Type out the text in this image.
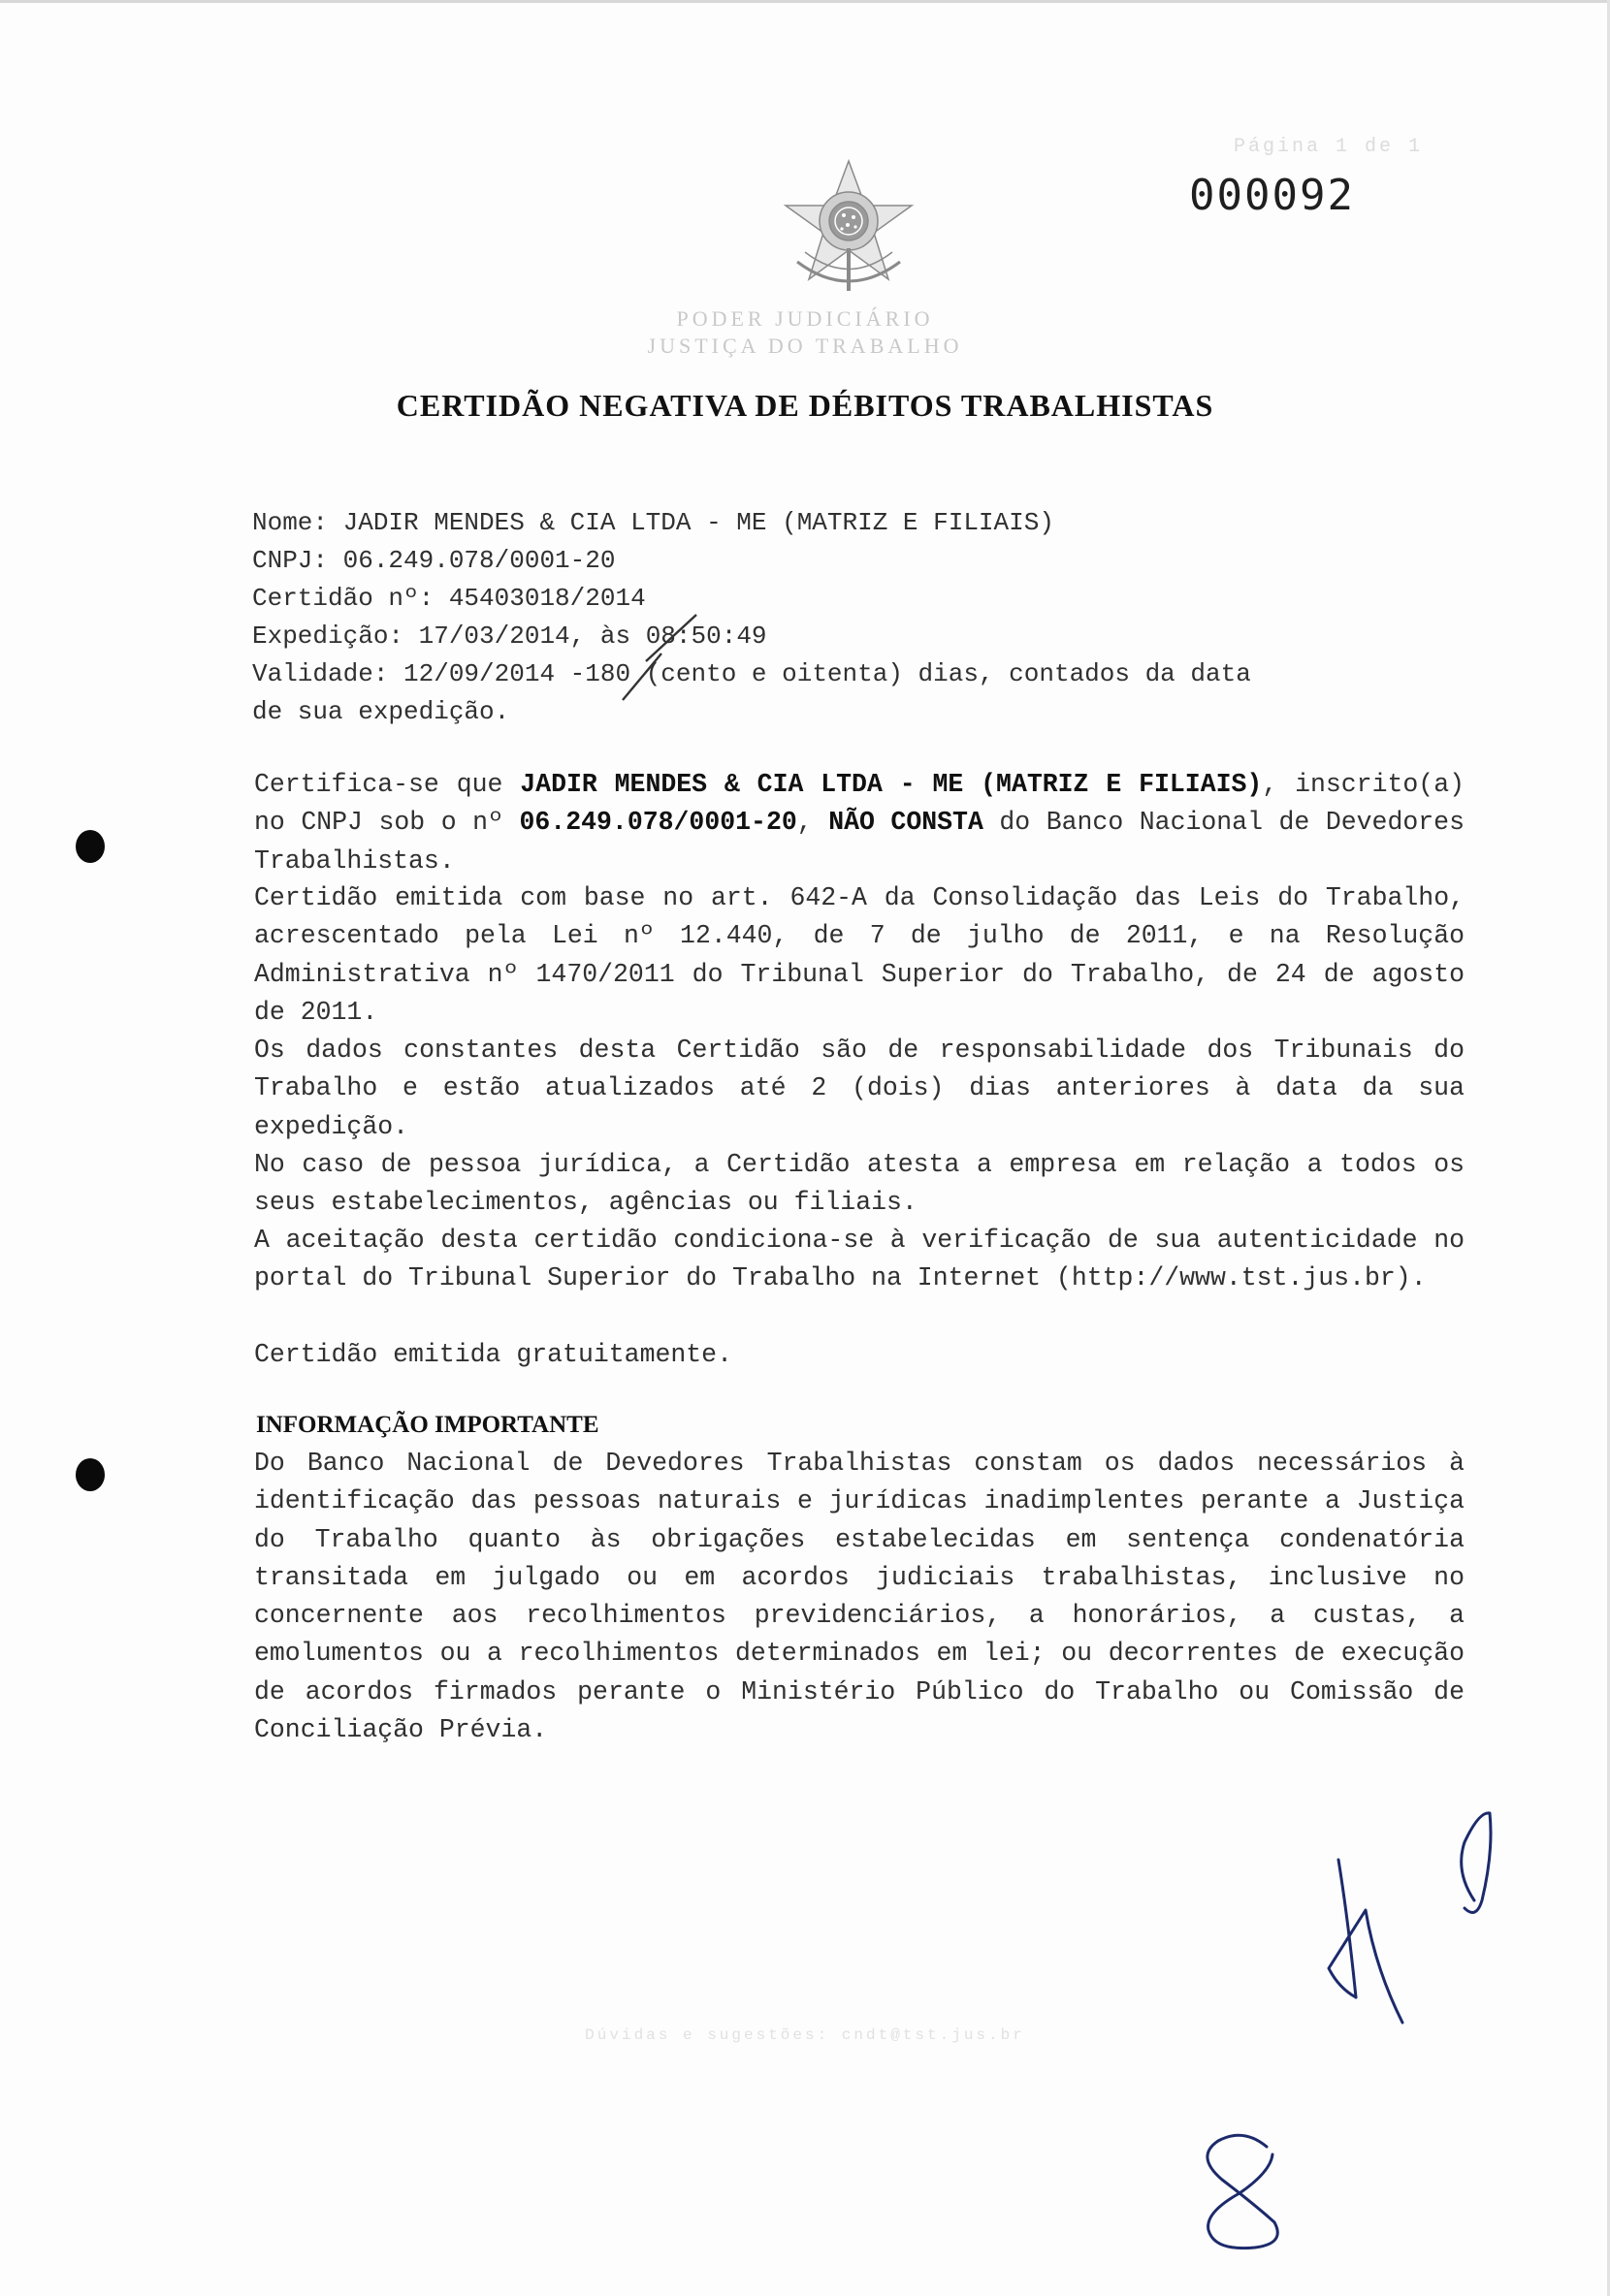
Página 1 de 1
000092
PODER JUDICIÁRIO
JUSTIÇA DO TRABALHO
CERTIDÃO NEGATIVA DE DÉBITOS TRABALHISTAS
Nome: JADIR MENDES & CIA LTDA - ME (MATRIZ E FILIAIS)
CNPJ: 06.249.078/0001-20
Certidão nº: 45403018/2014
Expedição: 17/03/2014, às 08:50:49
Validade: 12/09/2014 -180 (cento e oitenta) dias, contados da data
de sua expedição.
Certifica-se que JADIR MENDES & CIA LTDA - ME (MATRIZ E FILIAIS), inscrito(a) no CNPJ sob o nº 06.249.078/0001-20, NÃO CONSTA do Banco Nacional de Devedores Trabalhistas.
Certidão emitida com base no art. 642-A da Consolidação das Leis do Trabalho, acrescentado pela Lei nº 12.440, de 7 de julho de 2011, e na Resolução Administrativa nº 1470/2011 do Tribunal Superior do Trabalho, de 24 de agosto de 2011.
Os dados constantes desta Certidão são de responsabilidade dos Tribunais do Trabalho e estão atualizados até 2 (dois) dias anteriores à data da sua expedição.
No caso de pessoa jurídica, a Certidão atesta a empresa em relação a todos os seus estabelecimentos, agências ou filiais.
A aceitação desta certidão condiciona-se à verificação de sua autenticidade no portal do Tribunal Superior do Trabalho na Internet (http://www.tst.jus.br).
Certidão emitida gratuitamente.
INFORMAÇÃO IMPORTANTE
Do Banco Nacional de Devedores Trabalhistas constam os dados necessários à identificação das pessoas naturais e jurídicas inadimplentes perante a Justiça do Trabalho quanto às obrigações estabelecidas em sentença condenatória transitada em julgado ou em acordos judiciais trabalhistas, inclusive no concernente aos recolhimentos previdenciários, a honorários, a custas, a emolumentos ou a recolhimentos determinados em lei; ou decorrentes de execução de acordos firmados perante o Ministério Público do Trabalho ou Comissão de Conciliação Prévia.
Dúvidas e sugestões: cndt@tst.jus.br
